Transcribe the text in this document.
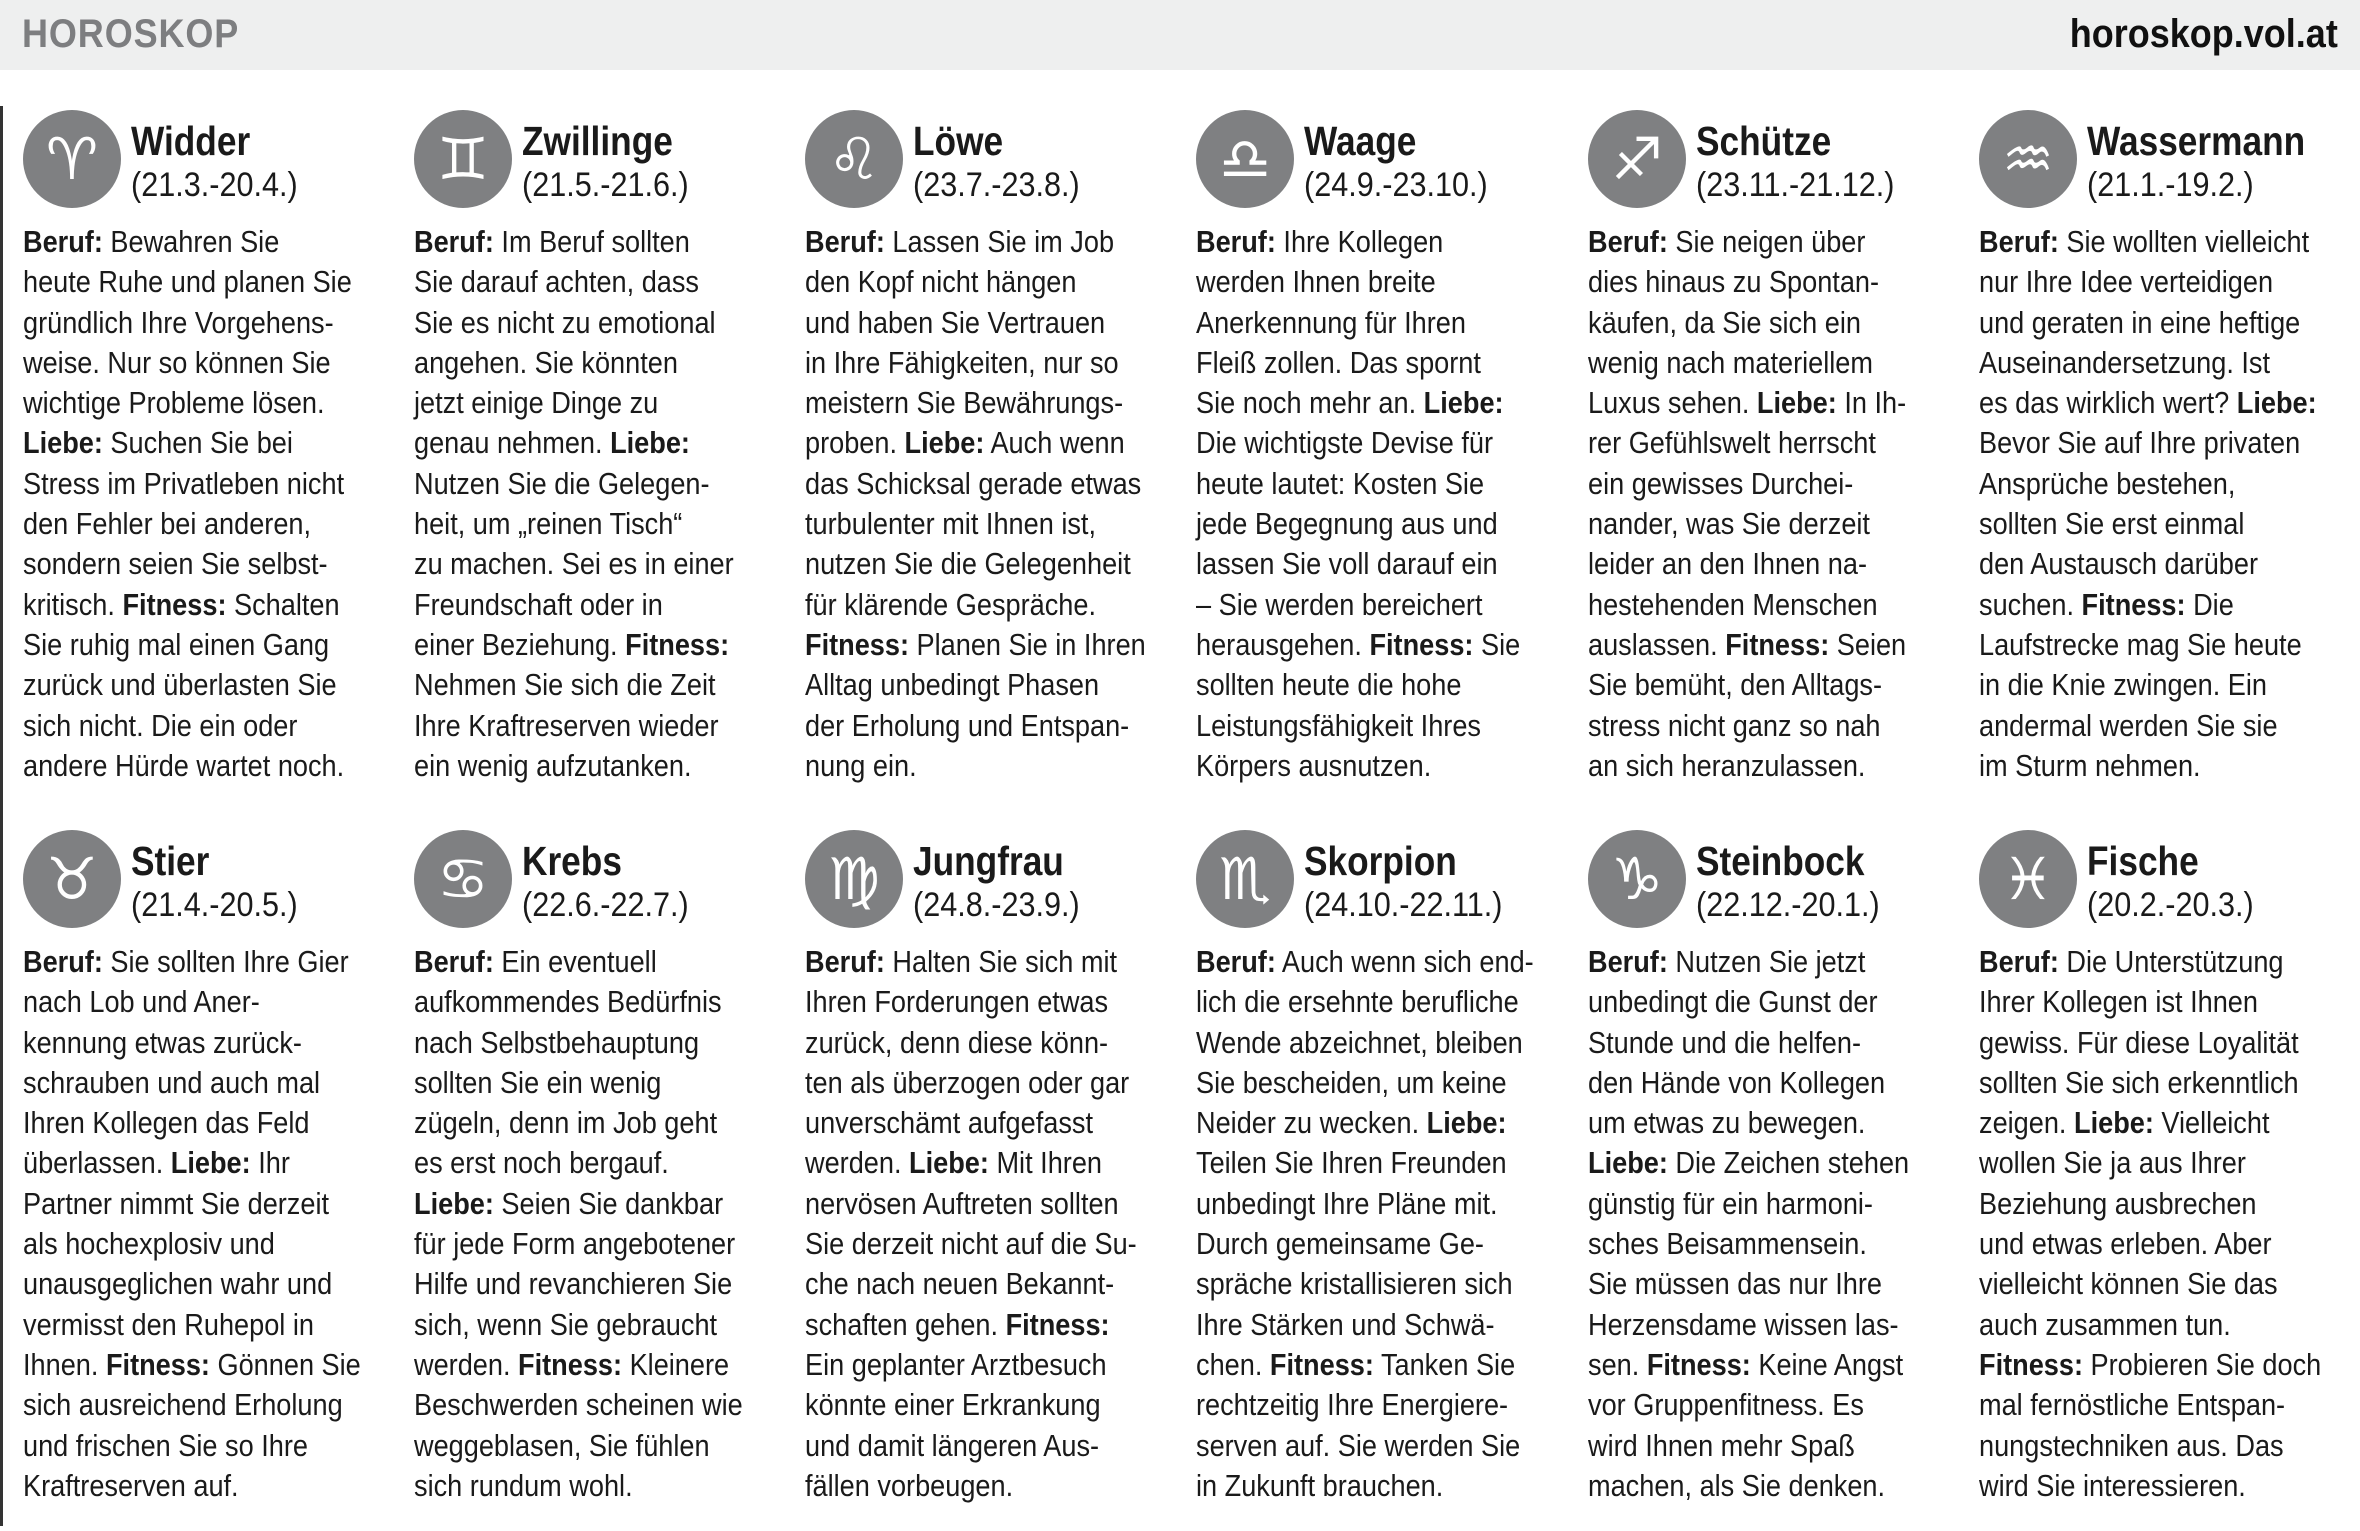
HOROSKOP	horoskop.vol.at
♈ Widder
(21.3.-20.4.)
Beruf: Bewahren Sie
heute Ruhe und planen Sie
gründlich Ihre Vorgehens-
weise. Nur so können Sie
wichtige Probleme lösen.
Liebe: Suchen Sie bei
Stress im Privatleben nicht
den Fehler bei anderen,
sondern seien Sie selbst-
kritisch. Fitness: Schalten
Sie ruhig mal einen Gang
zurück und überlasten Sie
sich nicht. Die ein oder
andere Hürde wartet noch.
♊ Zwillinge
(21.5.-21.6.)
Beruf: Im Beruf sollten
Sie darauf achten, dass
Sie es nicht zu emotional
angehen. Sie könnten
jetzt einige Dinge zu
genau nehmen. Liebe:
Nutzen Sie die Gelegen-
heit, um „reinen Tisch“
zu machen. Sei es in einer
Freundschaft oder in
einer Beziehung. Fitness:
Nehmen Sie sich die Zeit
Ihre Kraftreserven wieder
ein wenig aufzutanken.
♌ Löwe
(23.7.-23.8.)
Beruf: Lassen Sie im Job
den Kopf nicht hängen
und haben Sie Vertrauen
in Ihre Fähigkeiten, nur so
meistern Sie Bewährungs-
proben. Liebe: Auch wenn
das Schicksal gerade etwas
turbulenter mit Ihnen ist,
nutzen Sie die Gelegenheit
für klärende Gespräche.
Fitness: Planen Sie in Ihren
Alltag unbedingt Phasen
der Erholung und Entspan-
nung ein.
♎ Waage
(24.9.-23.10.)
Beruf: Ihre Kollegen
werden Ihnen breite
Anerkennung für Ihren
Fleiß zollen. Das spornt
Sie noch mehr an. Liebe:
Die wichtigste Devise für
heute lautet: Kosten Sie
jede Begegnung aus und
lassen Sie voll darauf ein
– Sie werden bereichert
herausgehen. Fitness: Sie
sollten heute die hohe
Leistungsfähigkeit Ihres
Körpers ausnutzen.
♐ Schütze
(23.11.-21.12.)
Beruf: Sie neigen über
dies hinaus zu Spontan-
käufen, da Sie sich ein
wenig nach materiellem
Luxus sehen. Liebe: In Ih-
rer Gefühlswelt herrscht
ein gewisses Durchei-
nander, was Sie derzeit
leider an den Ihnen na-
hestehenden Menschen
auslassen. Fitness: Seien
Sie bemüht, den Alltags-
stress nicht ganz so nah
an sich heranzulassen.
♒ Wassermann
(21.1.-19.2.)
Beruf: Sie wollten vielleicht
nur Ihre Idee verteidigen
und geraten in eine heftige
Auseinandersetzung. Ist
es das wirklich wert? Liebe:
Bevor Sie auf Ihre privaten
Ansprüche bestehen,
sollten Sie erst einmal
den Austausch darüber
suchen. Fitness: Die
Laufstrecke mag Sie heute
in die Knie zwingen. Ein
andermal werden Sie sie
im Sturm nehmen.
♉ Stier
(21.4.-20.5.)
Beruf: Sie sollten Ihre Gier
nach Lob und Aner-
kennung etwas zurück-
schrauben und auch mal
Ihren Kollegen das Feld
überlassen. Liebe: Ihr
Partner nimmt Sie derzeit
als hochexplosiv und
unausgeglichen wahr und
vermisst den Ruhepol in
Ihnen. Fitness: Gönnen Sie
sich ausreichend Erholung
und frischen Sie so Ihre
Kraftreserven auf.
♋ Krebs
(22.6.-22.7.)
Beruf: Ein eventuell
aufkommendes Bedürfnis
nach Selbstbehauptung
sollten Sie ein wenig
zügeln, denn im Job geht
es erst noch bergauf.
Liebe: Seien Sie dankbar
für jede Form angebotener
Hilfe und revanchieren Sie
sich, wenn Sie gebraucht
werden. Fitness: Kleinere
Beschwerden scheinen wie
weggeblasen, Sie fühlen
sich rundum wohl.
♍ Jungfrau
(24.8.-23.9.)
Beruf: Halten Sie sich mit
Ihren Forderungen etwas
zurück, denn diese könn-
ten als überzogen oder gar
unverschämt aufgefasst
werden. Liebe: Mit Ihren
nervösen Auftreten sollten
Sie derzeit nicht auf die Su-
che nach neuen Bekannt-
schaften gehen. Fitness:
Ein geplanter Arztbesuch
könnte einer Erkrankung
und damit längeren Aus-
fällen vorbeugen.
♏ Skorpion
(24.10.-22.11.)
Beruf: Auch wenn sich end-
lich die ersehnte berufliche
Wende abzeichnet, bleiben
Sie bescheiden, um keine
Neider zu wecken. Liebe:
Teilen Sie Ihren Freunden
unbedingt Ihre Pläne mit.
Durch gemeinsame Ge-
spräche kristallisieren sich
Ihre Stärken und Schwä-
chen. Fitness: Tanken Sie
rechtzeitig Ihre Energiere-
serven auf. Sie werden Sie
in Zukunft brauchen.
♑ Steinbock
(22.12.-20.1.)
Beruf: Nutzen Sie jetzt
unbedingt die Gunst der
Stunde und die helfen-
den Hände von Kollegen
um etwas zu bewegen.
Liebe: Die Zeichen stehen
günstig für ein harmoni-
sches Beisammensein.
Sie müssen das nur Ihre
Herzensdame wissen las-
sen. Fitness: Keine Angst
vor Gruppenfitness. Es
wird Ihnen mehr Spaß
machen, als Sie denken.
♓ Fische
(20.2.-20.3.)
Beruf: Die Unterstützung
Ihrer Kollegen ist Ihnen
gewiss. Für diese Loyalität
sollten Sie sich erkenntlich
zeigen. Liebe: Vielleicht
wollen Sie ja aus Ihrer
Beziehung ausbrechen
und etwas erleben. Aber
vielleicht können Sie das
auch zusammen tun.
Fitness: Probieren Sie doch
mal fernöstliche Entspan-
nungstechniken aus. Das
wird Sie interessieren.
